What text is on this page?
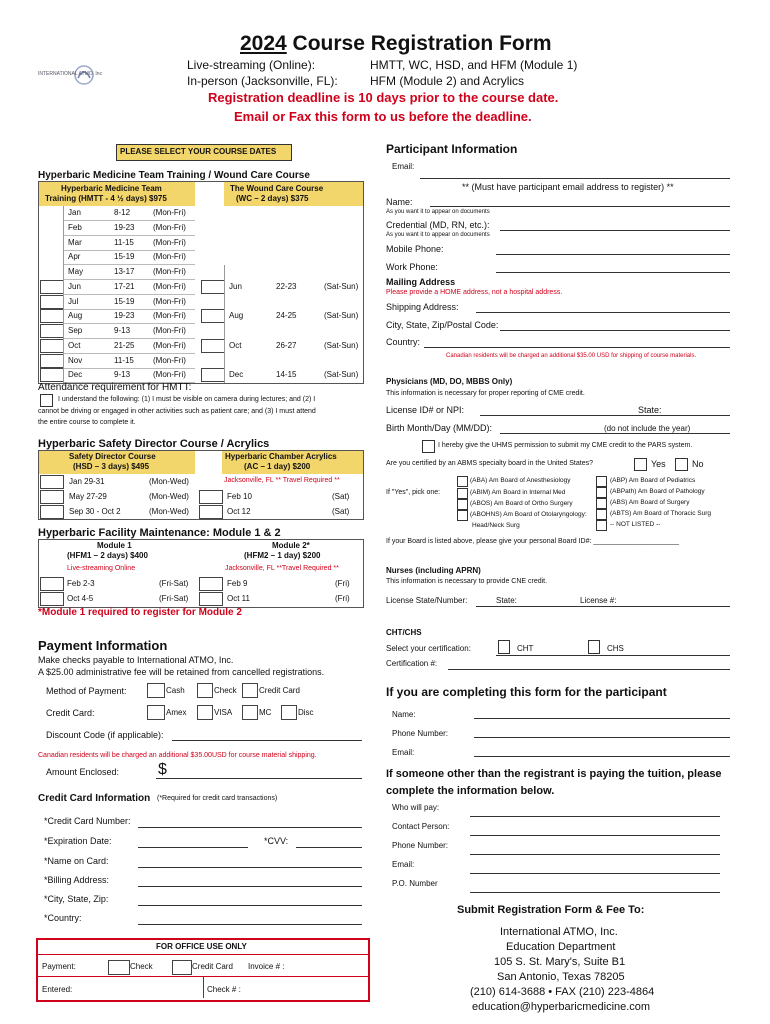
2024 Course Registration Form
INTERNATIONAL ATMO, Inc
Live-streaming (Online):	HMTT, WC, HSD, and HFM (Module 1)
In-person (Jacksonville, FL):	HFM (Module 2) and Acrylics
Registration deadline is 10 days prior to the course date.
Email or Fax this form to us before the deadline.
PLEASE SELECT YOUR COURSE DATES
Hyperbaric Medicine Team Training / Wound Care Course
Hyperbaric Medicine Team
Training (HMTT - 4 ½ days) $975
The Wound Care Course
(WC – 2 days) $375
Jan	8-12	(Mon-Fri)
Feb	19-23 (Mon-Fri)
Mar	11-15 (Mon-Fri)
Apr	15-19 (Mon-Fri)
May	13-17 (Mon-Fri)
Jun	17-21 (Mon-Fri)
Jul	15-19 (Mon-Fri)
Aug	19-23 (Mon-Fri)
Sep	9-13	(Mon-Fri)
Oct	21-25 (Mon-Fri)
Nov	11-15 (Mon-Fri)
Dec	9-13	(Mon-Fri)
Jun	22-23	(Sat-Sun)
Aug	24-25	(Sat-Sun)
Oct	26-27	(Sat-Sun)
Dec	14-15	(Sat-Sun)
Attendance requirement for HMTT:
I understand the following: (1) I must be visible on camera during lectures; and (2) I
cannot be driving or engaged in other activities such as patient care; and (3) I must attend
the entire course to complete it.
Hyperbaric Safety Director Course / Acrylics
Safety Director Course
(HSD – 3 days) $495
Hyperbaric Chamber Acrylics
(AC – 1 day) $200
Jacksonville, FL ** Travel Required **
Jan 29-31	(Mon-Wed)
May 27-29	(Mon-Wed)
Sep 30 - Oct 2	(Mon-Wed)
Feb 10	(Sat)
Oct 12	(Sat)
Hyperbaric Facility Maintenance: Module 1 & 2
Module 1
(HFM1 – 2 days) $400
Module 2*
(HFM2 – 1 day) $200
Live-streaming Online	Jacksonville, FL **Travel Required **
Feb 2-3	(Fri-Sat)
Oct 4-5	(Fri-Sat)
Feb 9	(Fri)
Oct 11	(Fri)
*Module 1 required to register for Module 2
Payment Information
Make checks payable to International ATMO, Inc.
A $25.00 administrative fee will be retained from cancelled registrations.
Method of Payment:	Cash	Check	Credit Card
Credit Card:	Amex	VISA	MC	Disc
Discount Code (if applicable):
Canadian residents will be charged an additional $35.00USD for course material shipping.
Amount Enclosed: $
Credit Card Information (*Required for credit card transactions)
*Credit Card Number:
*Expiration Date:
*Name on Card:
*Billing Address:
*City, State, Zip:
*Country:
*CVV:
FOR OFFICE USE ONLY
Payment:	Check	Credit Card Invoice # :
Entered:	Check # :
Participant Information
Email:
** (Must have participant email address to register) **
Name:
As you want it to appear on documents
Credential (MD, RN, etc.):
As you want it to appear on documents
Mobile Phone:
Work Phone:
Mailing Address
Please provide a HOME address, not a hospital address.
Shipping Address:
City, State, Zip/Postal Code:
Country:
Canadian residents will be charged an additional $35.00 USD for shipping of course materials.
Physicians (MD, DO, MBBS Only)
This information is necessary for proper reporting of CME credit.
License ID# or NPI:	State:
Birth Month/Day (MM/DD):	(do not include the year)
I hereby give the UHMS permission to submit my CME credit to the PARS system.
Are you certified by an ABMS specialty board in the United States?	Yes	No
If "Yes", pick one:
(ABA) Am Board of Anesthesiology
(ABIM) Am Board in Internal Med
(ABOS) Am Board of Ortho Surgery
(ABOHNS) Am Board of Otolaryngology:
Head/Neck Surg
(ABP) Am Board of Pediatrics
(ABPath) Am Board of Pathology
(ABS) Am Board of Surgery
(ABTS) Am Board of Thoracic Surg
-- NOT LISTED --
If your Board is listed above, please give your personal Board ID#: ______________________
Nurses (including APRN)
This information is necessary to provide CNE credit.
License State/Number:	State:	License #:
CHT/CHS
Select your certification:	CHT	CHS
Certification #:
If you are completing this form for the participant
Name:
Phone Number:
Email:
If someone other than the registrant is paying the tuition, please
complete the information below.
Who will pay:
Contact Person:
Phone Number:
Email:
P.O. Number
Submit Registration Form & Fee To:
International ATMO, Inc.
Education Department
105 S. St. Mary's, Suite B1
San Antonio, Texas 78205
(210) 614-3688 • FAX (210) 223-4864
education@hyperbaricmedicine.com
